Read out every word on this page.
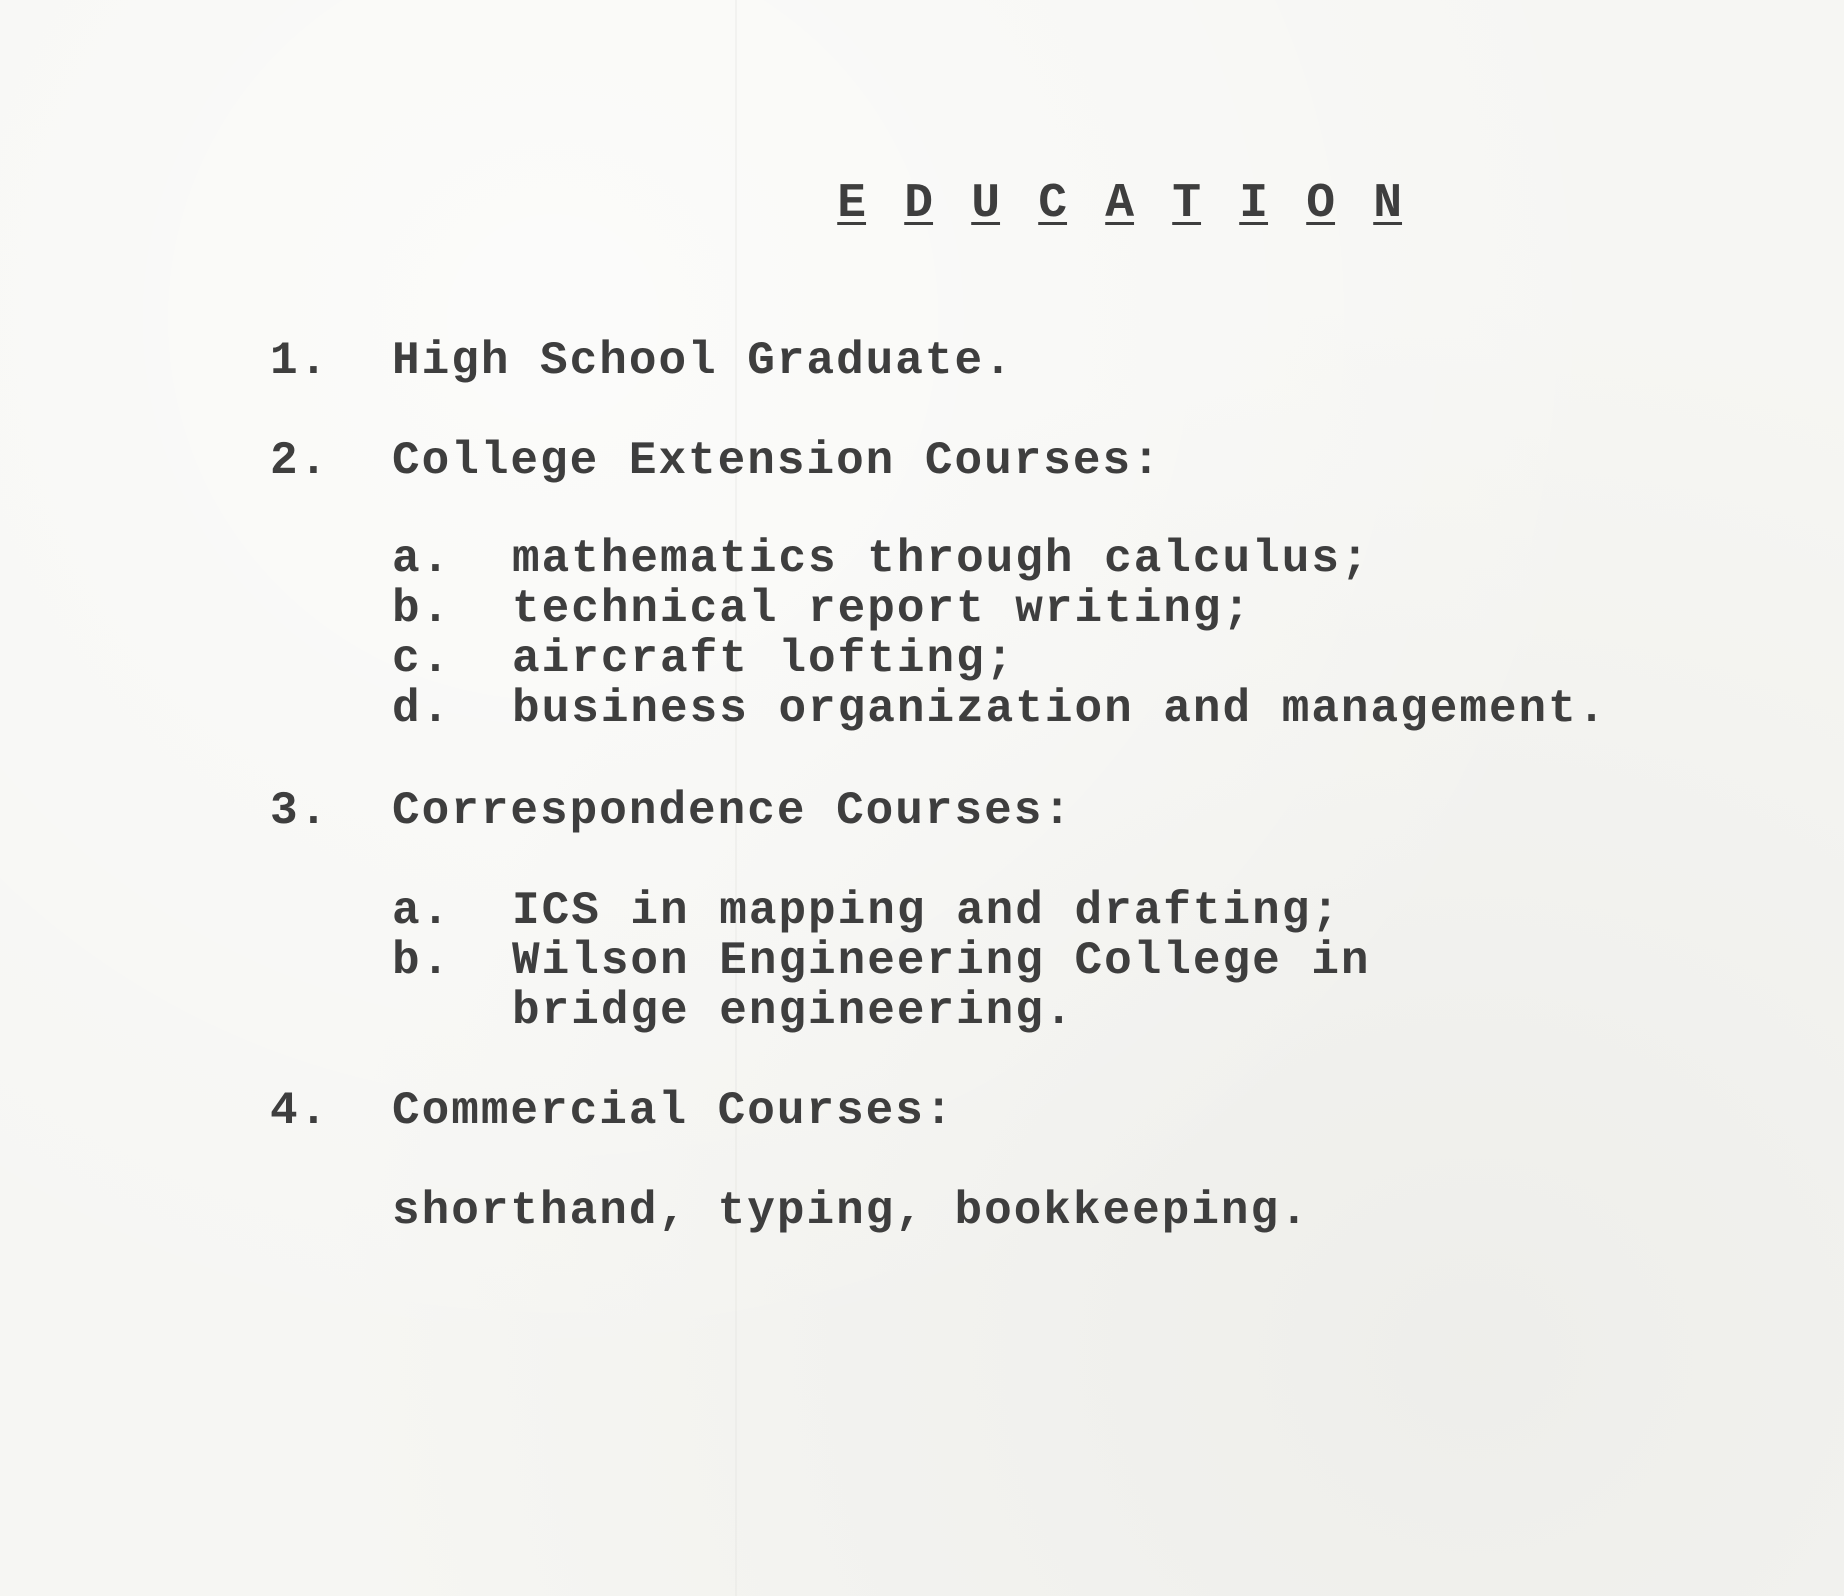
E D U C A T I O N

1. High School Graduate.
2. College Extension Courses:
a. mathematics through calculus;
b. technical report writing;
c. aircraft lofting;
d. business organization and management.
3. Correspondence Courses:
a. ICS in mapping and drafting;
b. Wilson Engineering College in
bridge engineering.
4. Commercial Courses:
shorthand, typing, bookkeeping.
